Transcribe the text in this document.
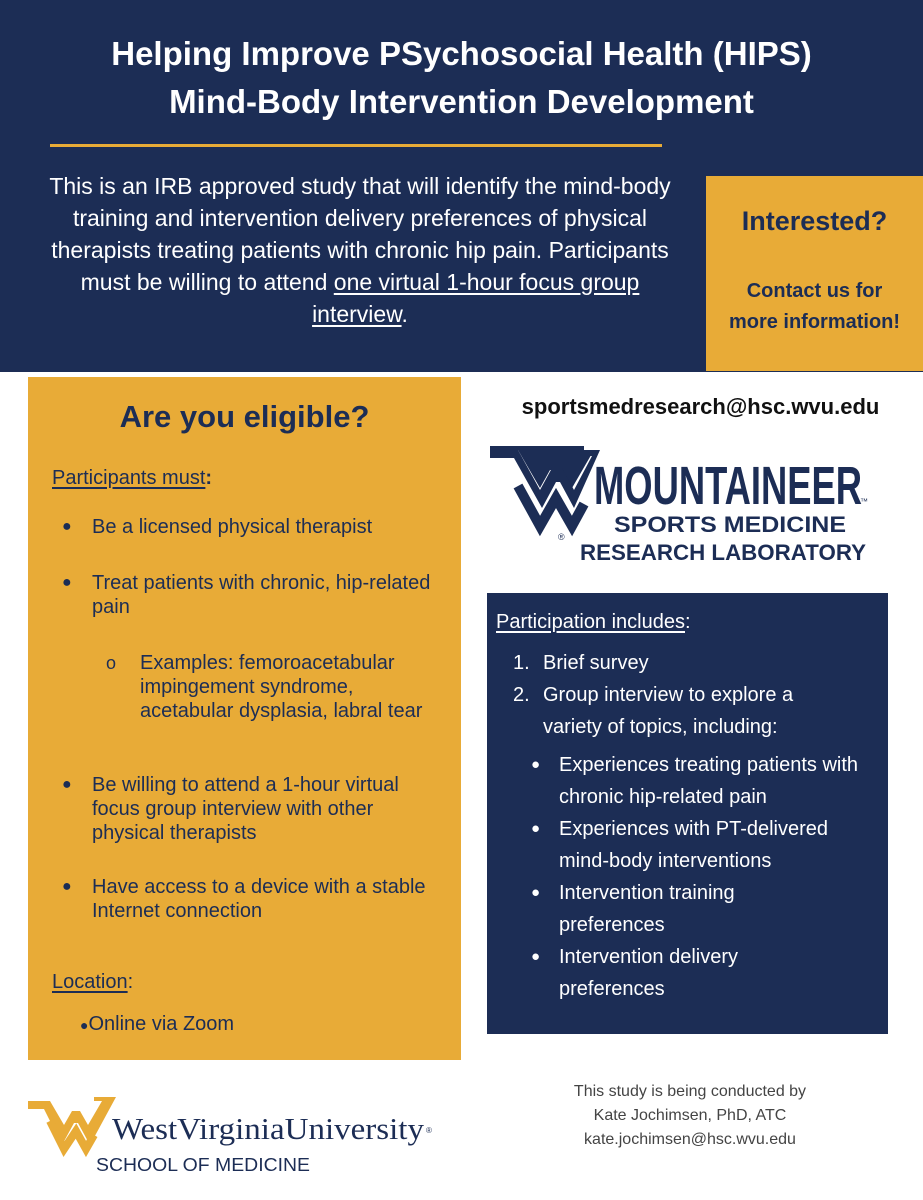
Helping Improve PSychosocial Health (HIPS)
Mind-Body Intervention Development
This is an IRB approved study that will identify the mind-body training and intervention delivery preferences of physical therapists treating patients with chronic hip pain. Participants must be willing to attend one virtual 1-hour focus group interview.
Interested?
Contact us for
more information!
Are you eligible?
Participants must:
● Be a licensed physical therapist
● Treat patients with chronic, hip-related pain
o Examples: femoroacetabular impingement syndrome, acetabular dysplasia, labral tear
● Be willing to attend a 1-hour virtual focus group interview with other physical therapists
● Have access to a device with a stable Internet connection
Location:
●Online via Zoom
sportsmedresearch@hsc.wvu.edu
®
MOUNTAINEER
™
SPORTS MEDICINE
RESEARCH LABORATORY
Participation includes:
1. Brief survey
2. Group interview to explore a variety of topics, including:
● Experiences treating patients with chronic hip-related pain
● Experiences with PT-delivered mind-body interventions
● Intervention training preferences
● Intervention delivery preferences
WestVirginiaUniversity ®
SCHOOL OF MEDICINE
This study is being conducted by
Kate Jochimsen, PhD, ATC
kate.jochimsen@hsc.wvu.edu
